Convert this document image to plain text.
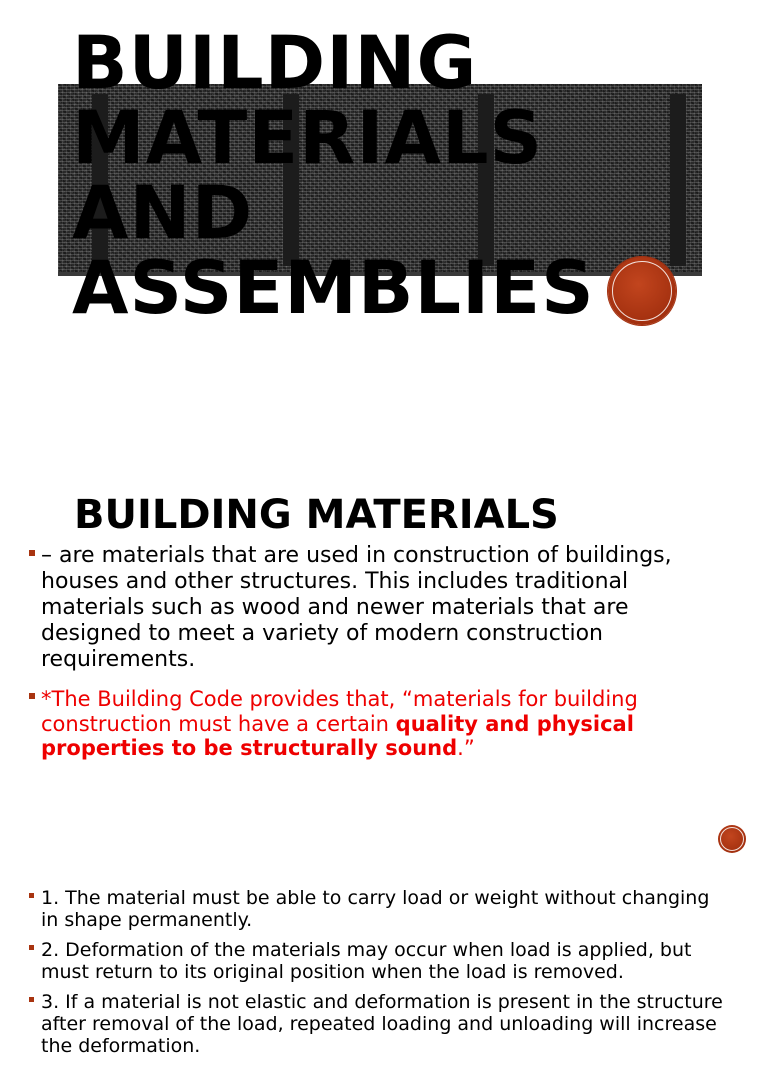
BUILDING
MATERIALS
AND
ASSEMBLIES
BUILDING MATERIALS
– are materials that are used in construction of buildings, houses and other structures. This includes traditional materials such as wood and newer materials that are designed to meet a variety of modern construction requirements.
*The Building Code provides that, “materials for building construction must have a certain quality and physical properties to be structurally sound.”
1. The material must be able to carry load or weight without changing in shape permanently.
2. Deformation of the materials may occur when load is applied, but must return to its original position when the load is removed.
3. If a material is not elastic and deformation is present in the structure after removal of the load, repeated loading and unloading will increase the deformation.
